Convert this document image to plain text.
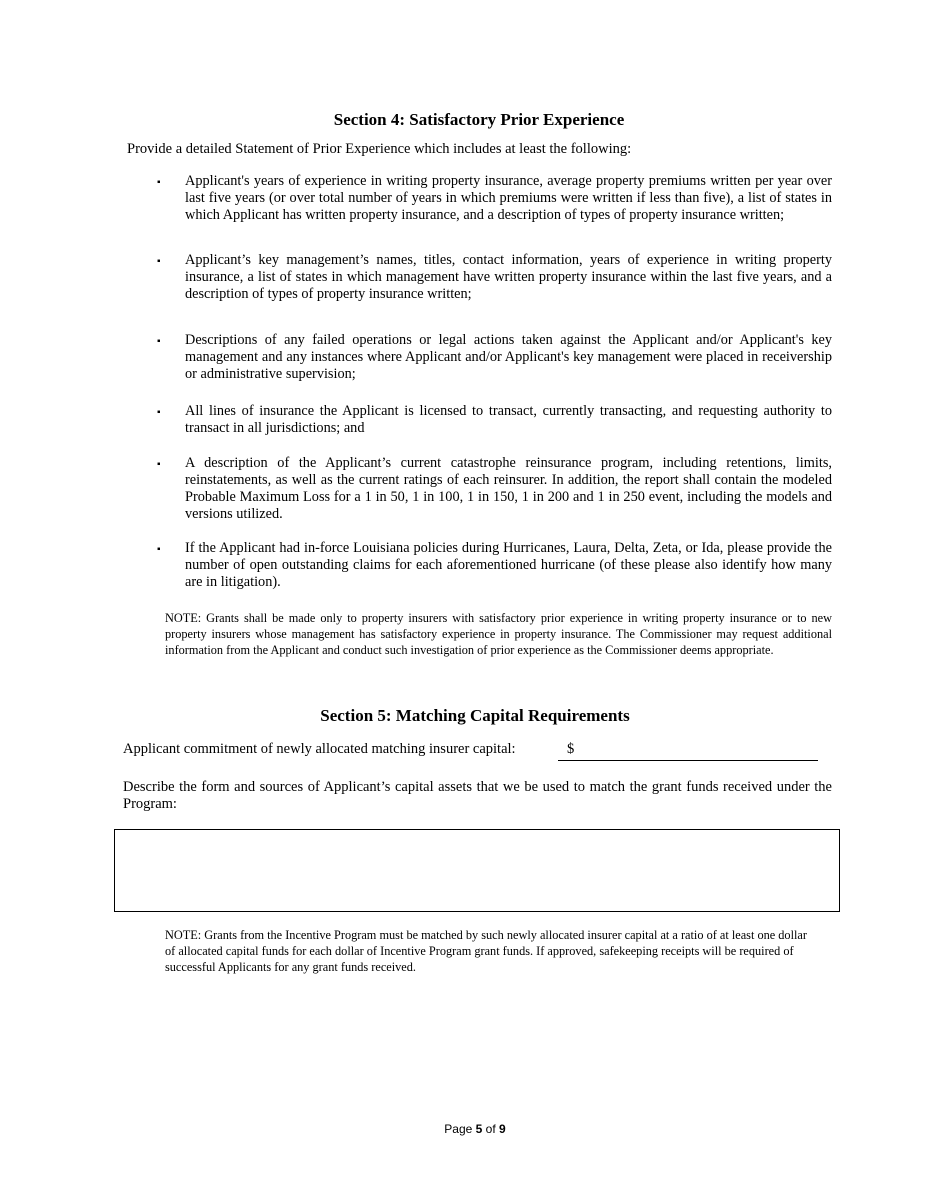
Section 4: Satisfactory Prior Experience
Provide a detailed Statement of Prior Experience which includes at least the following:
▪ Applicant's years of experience in writing property insurance, average property premiums written per year over last five years (or over total number of years in which premiums were written if less than five), a list of states in which Applicant has written property insurance, and a description of types of property insurance written;
▪ Applicant’s key management’s names, titles, contact information, years of experience in writing property insurance, a list of states in which management have written property insurance within the last five years, and a description of types of property insurance written;
▪ Descriptions of any failed operations or legal actions taken against the Applicant and/or Applicant's key management and any instances where Applicant and/or Applicant's key management were placed in receivership or administrative supervision;
▪ All lines of insurance the Applicant is licensed to transact, currently transacting, and requesting authority to transact in all jurisdictions; and
▪ A description of the Applicant’s current catastrophe reinsurance program, including retentions, limits, reinstatements, as well as the current ratings of each reinsurer. In addition, the report shall contain the modeled Probable Maximum Loss for a 1 in 50, 1 in 100, 1 in 150, 1 in 200 and 1 in 250 event, including the models and versions utilized.
▪ If the Applicant had in-force Louisiana policies during Hurricanes, Laura, Delta, Zeta, or Ida, please provide the number of open outstanding claims for each aforementioned hurricane (of these please also identify how many are in litigation).
NOTE: Grants shall be made only to property insurers with satisfactory prior experience in writing property insurance or to new property insurers whose management has satisfactory experience in property insurance. The Commissioner may request additional information from the Applicant and conduct such investigation of prior experience as the Commissioner deems appropriate.
Section 5: Matching Capital Requirements
Applicant commitment of newly allocated matching insurer capital:	$
Describe the form and sources of Applicant’s capital assets that we be used to match the grant funds received under the Program:
NOTE: Grants from the Incentive Program must be matched by such newly allocated insurer capital at a ratio of at least one dollar of allocated capital funds for each dollar of Incentive Program grant funds. If approved, safekeeping receipts will be required of successful Applicants for any grant funds received.
Page 5 of 9
